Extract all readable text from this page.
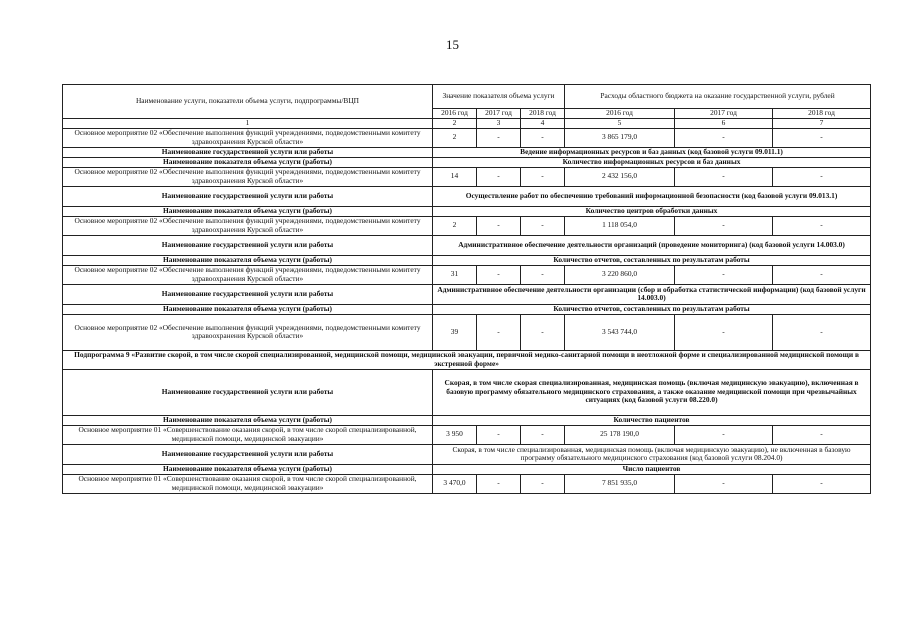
15
Наименование услуги, показатели объема услуги, подпрограммы/ВЦП	Значение показателя объема услуги			Расходы областного бюджета на оказание государственной услуги, рублей		
	2016 год	2017 год	2018 год	2016 год	2017 год	2018 год
1	2	3	4	5	6	7
Основное мероприятие 02 «Обеспечение выполнения функций учреждениями, подведомственными комитету здравоохранения Курской области»	2	-	-	3 865 179,0	-	-
Наименование государственной услуги или работы	Ведение информационных ресурсов и баз данных (код базовой услуги 09.011.1)					
Наименование показателя объема услуги (работы)	Количество информационных ресурсов и баз данных					
Основное мероприятие 02 «Обеспечение выполнения функций учреждениями, подведомственными комитету здравоохранения Курской области»	14	-	-	2 432 156,0	-	-
Наименование государственной услуги или работы	Осуществление работ по обеспечению требований информационной безопасности (код базовой услуги 09.013.1)					
Наименование показателя объема услуги (работы)	Количество центров обработки данных					
Основное мероприятие 02 «Обеспечение выполнения функций учреждениями, подведомственными комитету здравоохранения Курской области»	2	-	-	1 118 054,0	-	-
Наименование государственной услуги или работы	Административное обеспечение деятельности организаций (проведение мониторинга) (код базовой услуги 14.003.0)					
Наименование показателя объема услуги (работы)	Количество отчетов, составленных по результатам работы					
Основное мероприятие 02 «Обеспечение выполнения функций учреждениями, подведомственными комитету здравоохранения Курской области»	31	-	-	3 220 860,0	-	-
Наименование государственной услуги или работы	Административное обеспечение деятельности организации (сбор и обработка статистической информации) (код базовой услуги 14.003.0)					
Наименование показателя объема услуги (работы)	Количество отчетов, составленных по результатам работы					
Основное мероприятие 02 «Обеспечение выполнения функций учреждениями, подведомственными комитету здравоохранения Курской области»	39	-	-	3 543 744,0	-	-
Подпрограмма 9 «Развитие скорой, в том числе скорой специализированной, медицинской помощи, медицинской эвакуации, первичной медико-санитарной помощи в неотложной форме и специализированной медицинской помощи в экстренной форме»						
Наименование государственной услуги или работы	Скорая, в том числе скорая специализированная, медицинская помощь (включая медицинскую эвакуацию), включенная в базовую программу обязательного медицинского страхования, а также оказание медицинской помощи при чрезвычайных ситуациях (код базовой услуги 08.220.0)					
Наименование показателя объема услуги (работы)	Количество пациентов					
Основное мероприятие 01 «Совершенствование оказания скорой, в том числе скорой специализированной, медицинской помощи, медицинской эвакуации»	3 950	-	-	25 178 190,0	-	-
Наименование государственной услуги или работы	Скорая, в том числе специализированная, медицинская помощь (включая медицинскую эвакуацию), не включенная в базовую программу обязательного медицинского страхования (код базовой услуги 08.204.0)					
Наименование показателя объема услуги (работы)	Число пациентов					
Основное мероприятие 01 «Совершенствование оказания скорой, в том числе скорой специализированной, медицинской помощи, медицинской эвакуации»	3 470,0	-	-	7 851 935,0	-	-
